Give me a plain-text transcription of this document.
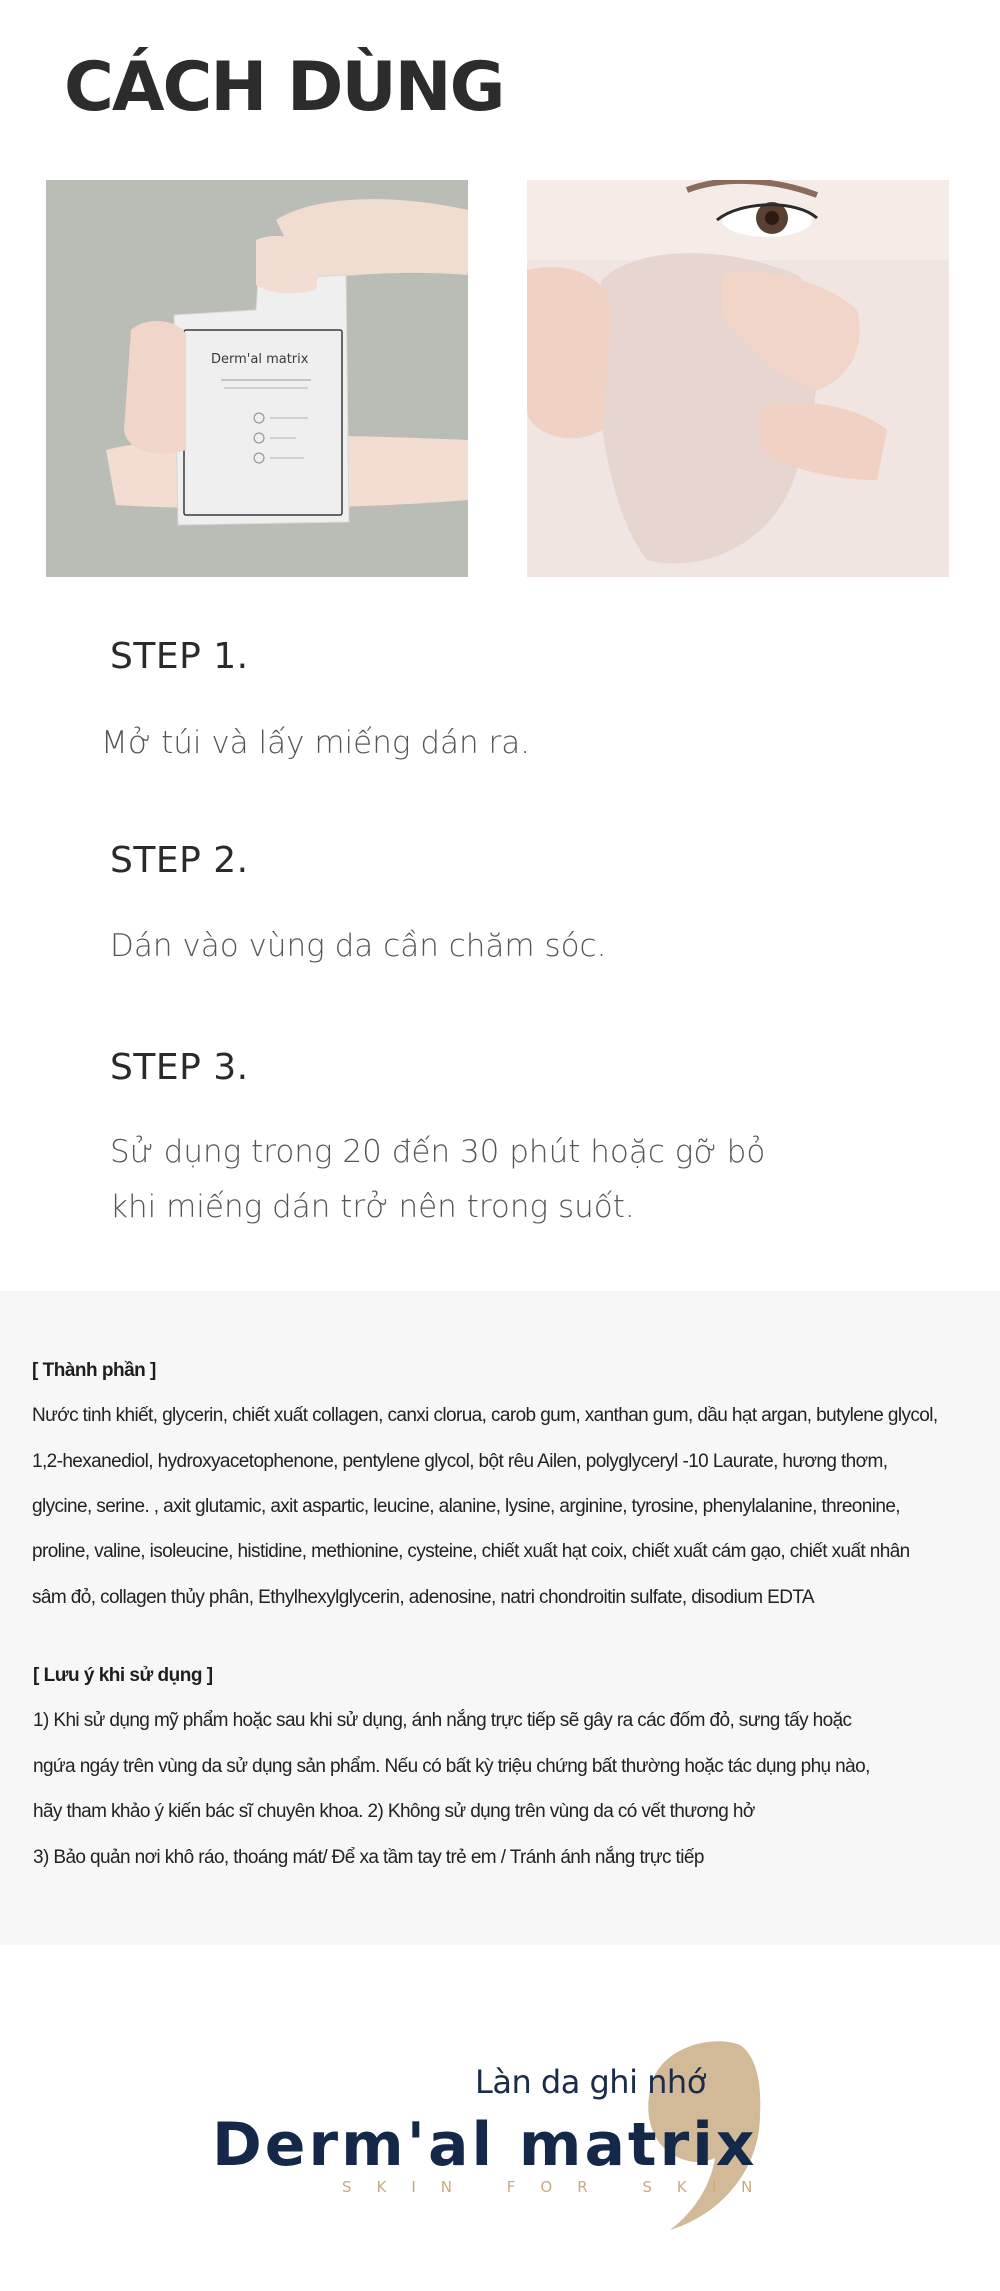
CÁCH DÙNG
Derm'al matrix
STEP 1.

Mở túi và lấy miếng dán ra.

STEP 2.

Dán vào vùng da cần chăm sóc.

STEP 3.

Sử dụng trong 20 đến 30 phút hoặc gỡ bỏ

khi miếng dán trở nên trong suốt.

[ Thành phần ]

Nước tinh khiết, glycerin, chiết xuất collagen, canxi clorua, carob gum, xanthan gum, dầu hạt argan, butylene glycol,

1,2-hexanediol, hydroxyacetophenone, pentylene glycol, bột rêu Ailen, polyglyceryl -10 Laurate, hương thơm,

glycine, serine. , axit glutamic, axit aspartic, leucine, alanine, lysine, arginine, tyrosine, phenylalanine, threonine,

proline, valine, isoleucine, histidine, methionine, cysteine, chiết xuất hạt coix, chiết xuất cám gạo, chiết xuất nhân

sâm đỏ, collagen thủy phân, Ethylhexylglycerin, adenosine, natri chondroitin sulfate, disodium EDTA

[ Lưu ý khi sử dụng ]

1) Khi sử dụng mỹ phẩm hoặc sau khi sử dụng, ánh nắng trực tiếp sẽ gây ra các đốm đỏ, sưng tấy hoặc

ngứa ngáy trên vùng da sử dụng sản phẩm. Nếu có bất kỳ triệu chứng bất thường hoặc tác dụng phụ nào,

hãy tham khảo ý kiến bác sĩ chuyên khoa. 2) Không sử dụng trên vùng da có vết thương hở

3) Bảo quản nơi khô ráo, thoáng mát/ Để xa tầm tay trẻ em / Tránh ánh nắng trực tiếp

Làn da ghi nhớ

Derm'al matrix

SKIN FOR SKIN
